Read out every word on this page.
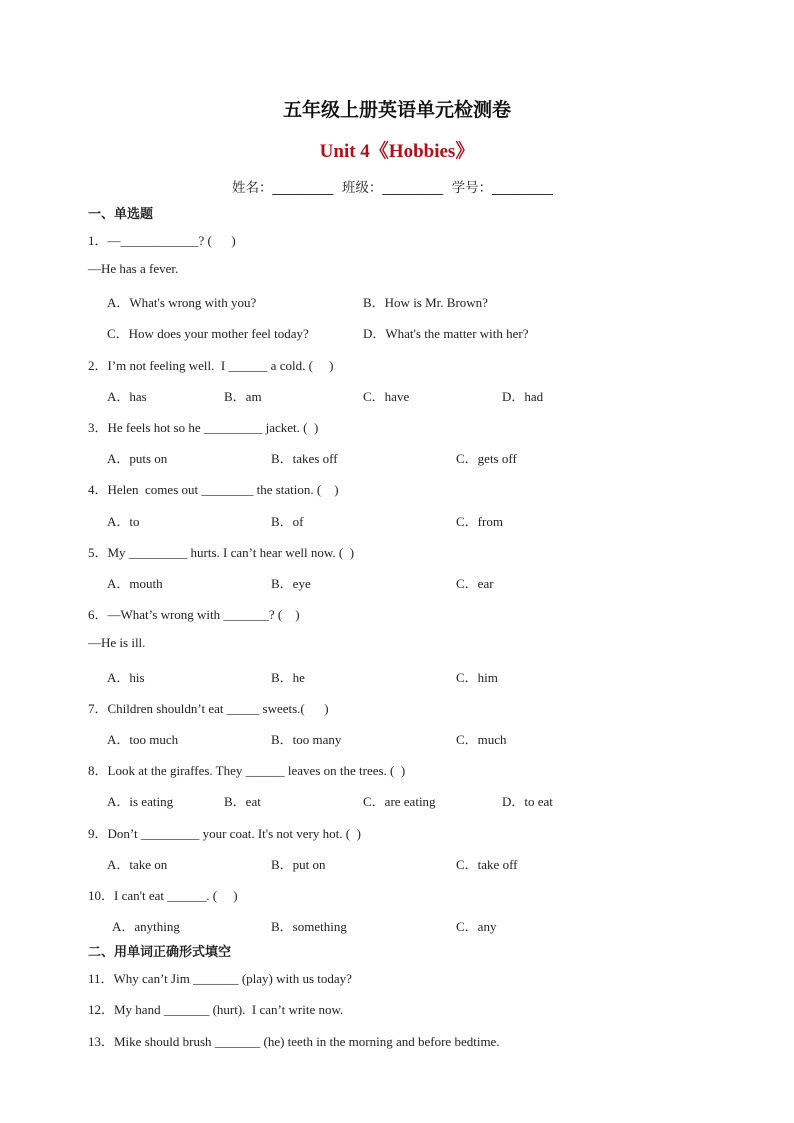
五年级上册英语单元检测卷
Unit 4《Hobbies》
姓名：_________  班级：_________  学号：_________
一、单选题
1．—____________? (      )
—He has a fever.
A．What's wrong with you?	B．How is Mr. Brown?
C．How does your mother feel today?	D．What's the matter with her?
2．I’m not feeling well.  I ______ a cold. (     )
A．has	B．am	C．have	D．had
3．He feels hot so he _________ jacket. (  )
A．puts on	B．takes off	C．gets off
4．Helen  comes out ________ the station. (    )
A．to	B．of	C．from
5．My _________ hurts. I can’t hear well now. (  )
A．mouth	B．eye	C．ear
6．—What’s wrong with _______? (    )
—He is ill.
A．his	B．he	C．him
7．Children shouldn’t eat _____ sweets.(      )
A．too much	B．too many	C．much
8．Look at the giraffes. They ______ leaves on the trees. (  )
A．is eating	B．eat	C．are eating	D．to eat
9．Don’t _________ your coat. It's not very hot. (  )
A．take on	B．put on	C．take off
10．I can't eat ______. (     )
A．anything	B．something	C．any
二、用单词正确形式填空
11．Why can’t Jim _______ (play) with us today?
12．My hand _______ (hurt).  I can’t write now.
13．Mike should brush _______ (he) teeth in the morning and before bedtime.
